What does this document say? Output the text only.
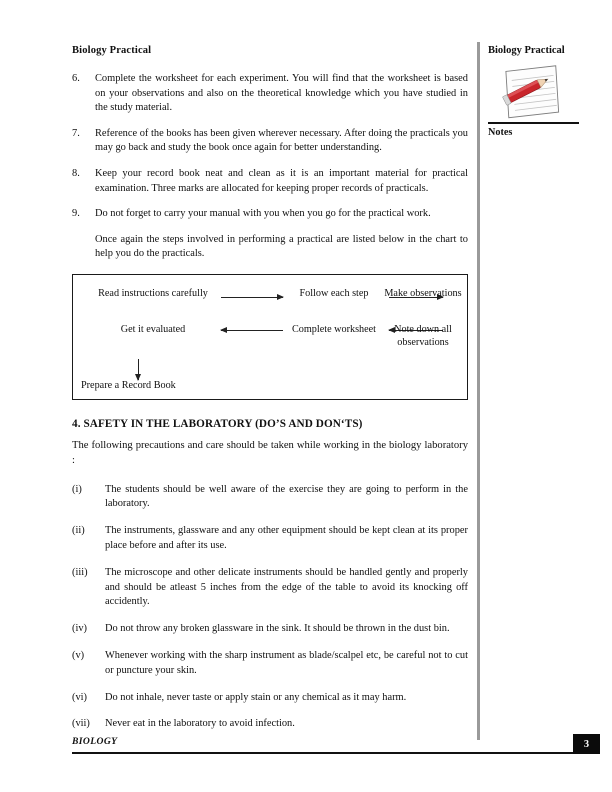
Biology Practical
6.	Complete the worksheet for each experiment. You will find that the worksheet is based on your observations and also on the theoretical knowledge which you have studied in the study material.
7.	Reference of the books has been given wherever necessary. After doing the practicals you may go back and study the book once again for better understanding.
8.	Keep your record book neat and clean as it is an important material for practical examination. Three marks are allocated for keeping proper records of practicals.
9.	Do not forget to carry your manual with you when you go for the practical work.

Once again the steps involved in performing a practical are listed below in the chart to help you do the practicals.

Read instructions carefully	Follow each step	Make observations
Get it evaluated	Complete worksheet	Note down all observations
Prepare a Record Book
4. SAFETY IN THE LABORATORY (DO’S AND DON‘TS)

The following precautions and care should be taken while working in the biology laboratory :

(i)	The students should be well aware of the exercise they are going to perform in the laboratory.
(ii)	The instruments, glassware and any other equipment should be kept clean at its proper place before and after its use.
(iii)	The microscope and other delicate instruments should be handled gently and properly and should be atleast 5 inches from the edge of the table to avoid its knocking off accidently.
(iv)	Do not throw any broken glassware in the sink. It should be thrown in the dust bin.
(v)	Whenever working with the sharp instrument as blade/scalpel etc, be careful not to cut or puncture your skin.
(vi)	Do not inhale, never taste or apply stain or any chemical as it may harm.
(vii)	Never eat in the laboratory to avoid infection.
Biology Practical
Notes
BIOLOGY	3
